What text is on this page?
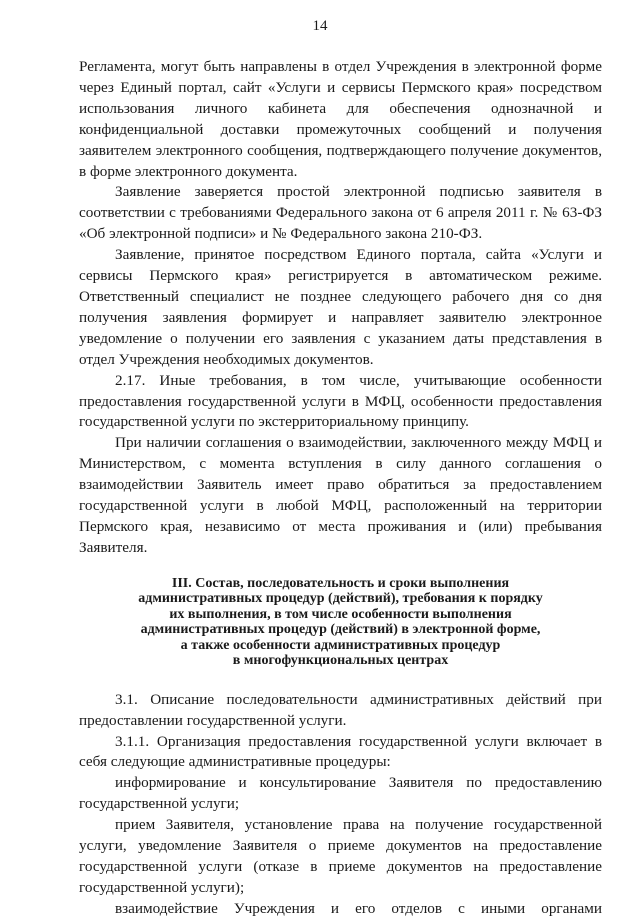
14

Регламента, могут быть направлены в отдел Учреждения в электронной форме через Единый портал, сайт «Услуги и сервисы Пермского края» посредством использования личного кабинета для обеспечения однозначной и конфиденциальной доставки промежуточных сообщений и получения заявителем электронного сообщения, подтверждающего получение документов, в форме электронного документа.

Заявление заверяется простой электронной подписью заявителя в соответствии с требованиями Федерального закона от 6 апреля 2011 г. № 63-ФЗ «Об электронной подписи» и № Федерального закона 210-ФЗ.

Заявление, принятое посредством Единого портала, сайта «Услуги и сервисы Пермского края» регистрируется в автоматическом режиме. Ответственный специалист не позднее следующего рабочего дня со дня получения заявления формирует и направляет заявителю электронное уведомление о получении его заявления с указанием даты представления в отдел Учреждения необходимых документов.

2.17. Иные требования, в том числе, учитывающие особенности предоставления государственной услуги в МФЦ, особенности предоставления государственной услуги по экстерриториальному принципу.

При наличии соглашения о взаимодействии, заключенного между МФЦ и Министерством, с момента вступления в силу данного соглашения о взаимодействии Заявитель имеет право обратиться за предоставлением государственной услуги в любой МФЦ, расположенный на территории Пермского края, независимо от места проживания и (или) пребывания Заявителя.

III. Состав, последовательность и сроки выполнения
административных процедур (действий), требования к порядку
их выполнения, в том числе особенности выполнения
административных процедур (действий) в электронной форме,
а также особенности административных процедур
в многофункциональных центрах

3.1. Описание последовательности административных действий при предоставлении государственной услуги.

3.1.1. Организация предоставления государственной услуги включает в себя следующие административные процедуры:

информирование и консультирование Заявителя по предоставлению государственной услуги;

прием Заявителя, установление права на получение государственной услуги, уведомление Заявителя о приеме документов на предоставление государственной услуги (отказе в приеме документов на предоставление государственной услуги);

взаимодействие Учреждения и его отделов с иными органами
